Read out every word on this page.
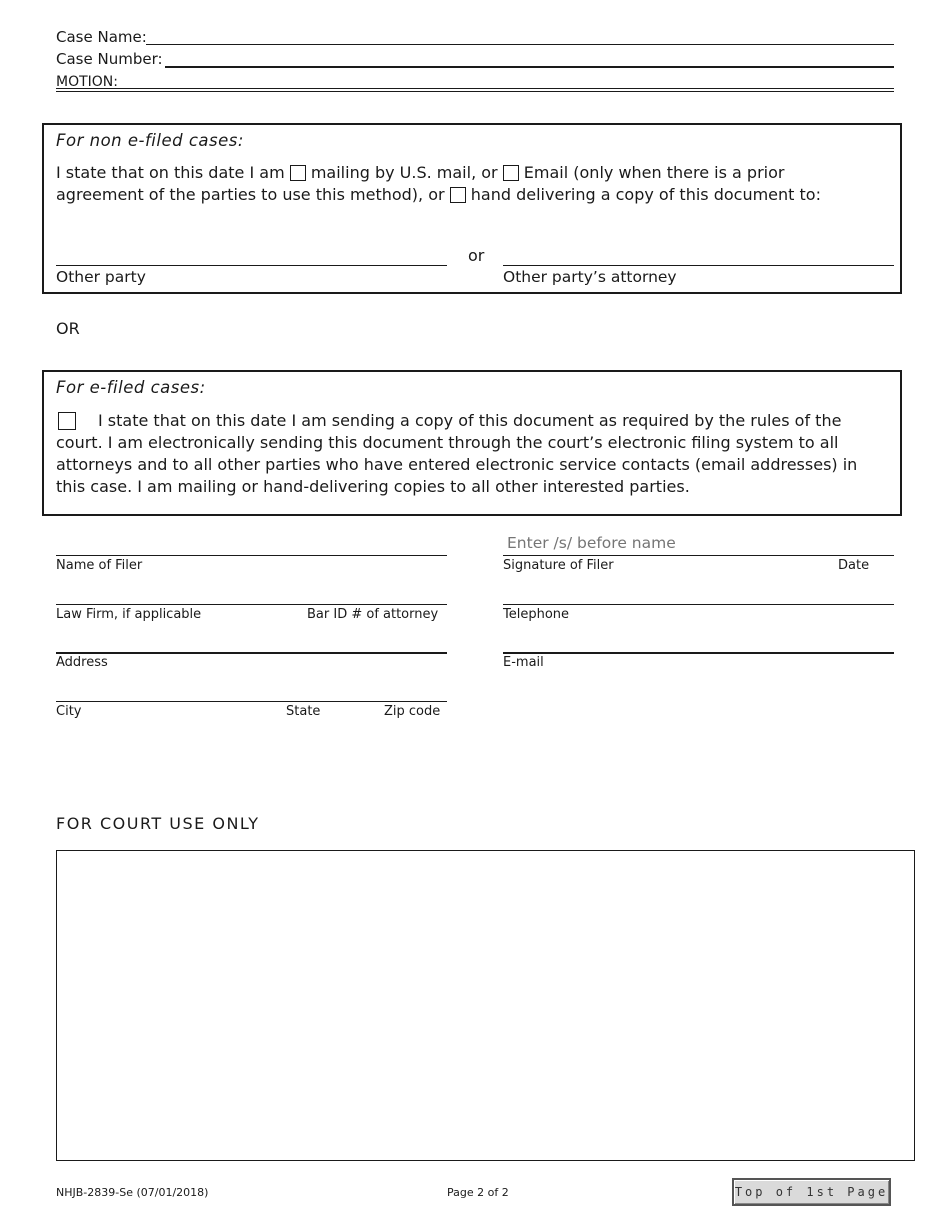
Case Name:
Case Number:
MOTION:
For non e-filed cases:
I state that on this date I am mailing by U.S. mail, or Email (only when there is a prior
agreement of the parties to use this method), or hand delivering a copy of this document to:
or
Other party	Other party’s attorney
OR
For e-filed cases:
I state that on this date I am sending a copy of this document as required by the rules of the
court. I am electronically sending this document through the court’s electronic filing system to all
attorneys and to all other parties who have entered electronic service contacts (email addresses) in
this case. I am mailing or hand-delivering copies to all other interested parties.
Enter /s/ before name
Name of Filer	Signature of Filer	Date
Law Firm, if applicable	Bar ID # of attorney	Telephone
Address	E-mail
City	State	Zip code
FOR COURT USE ONLY
NHJB-2839-Se (07/01/2018)	Page 2 of 2	Top of 1st Page
